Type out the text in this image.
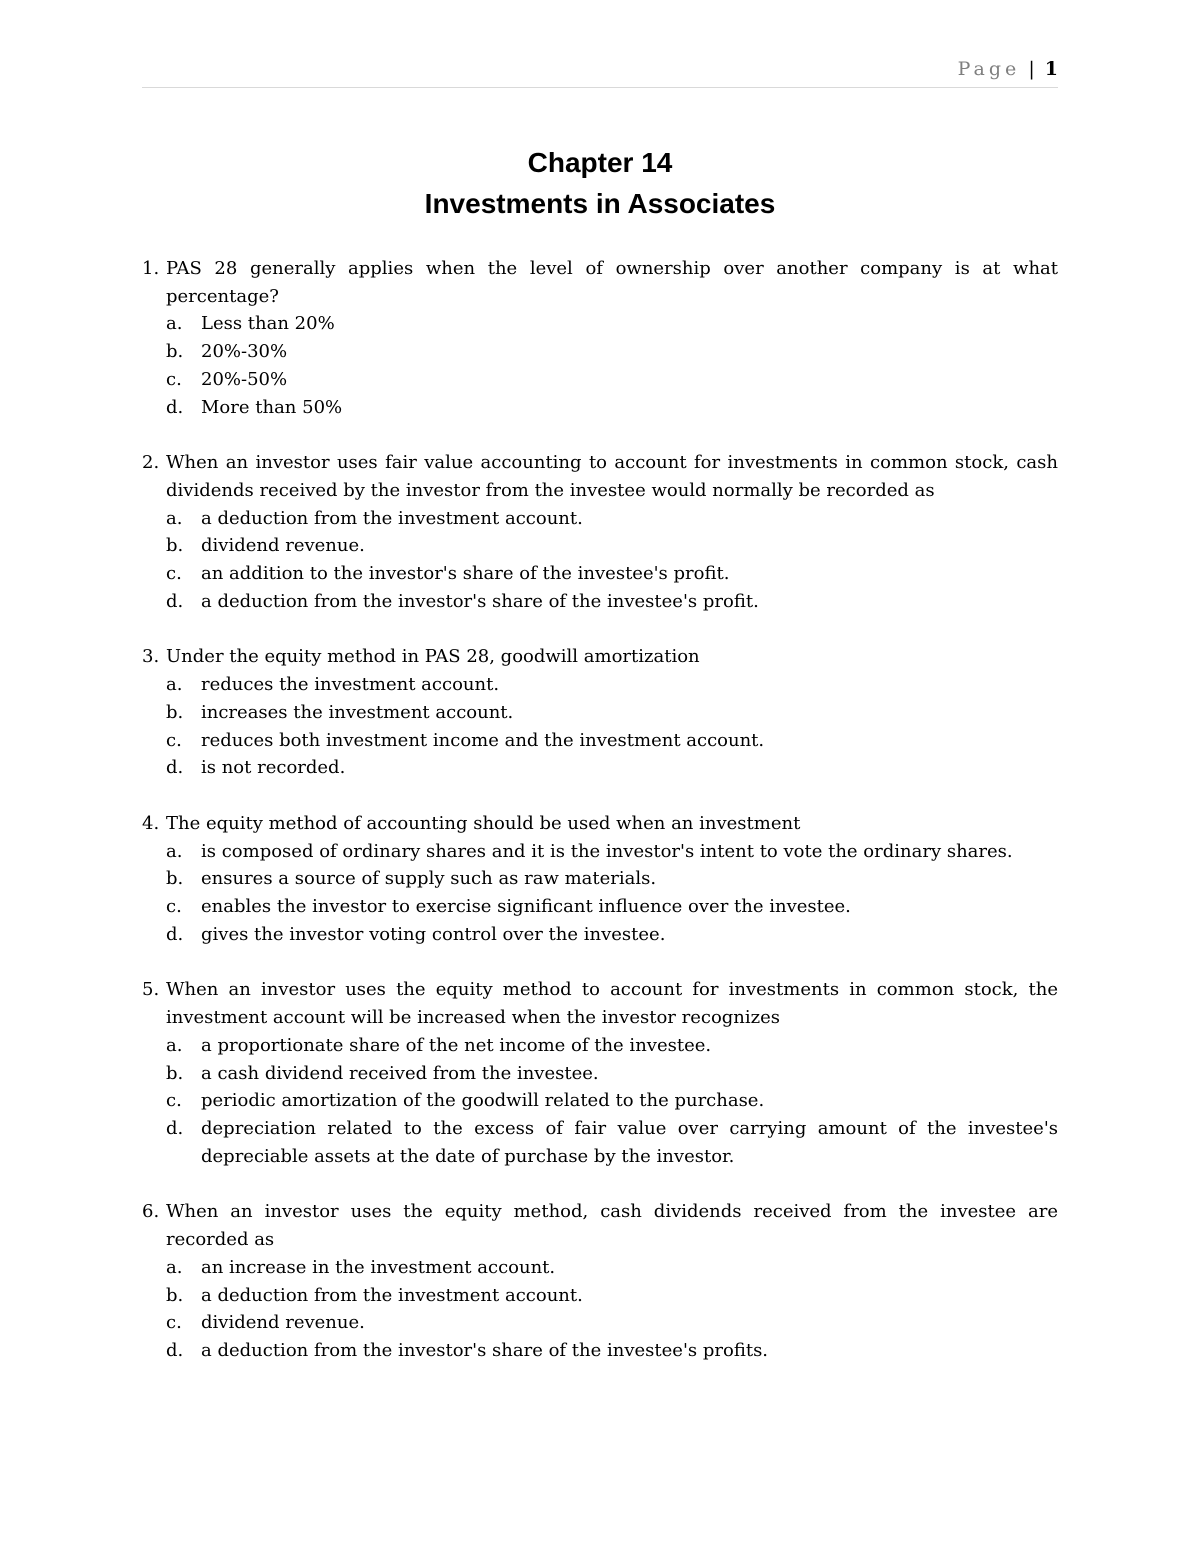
Page | 1
Chapter 14
Investments in Associates
1. PAS 28 generally applies when the level of ownership over another company is at what percentage?
a. Less than 20%
b. 20%-30%
c. 20%-50%
d. More than 50%
2. When an investor uses fair value accounting to account for investments in common stock, cash dividends received by the investor from the investee would normally be recorded as
a. a deduction from the investment account.
b. dividend revenue.
c. an addition to the investor's share of the investee's profit.
d. a deduction from the investor's share of the investee's profit.
3. Under the equity method in PAS 28, goodwill amortization
a. reduces the investment account.
b. increases the investment account.
c. reduces both investment income and the investment account.
d. is not recorded.
4. The equity method of accounting should be used when an investment
a. is composed of ordinary shares and it is the investor's intent to vote the ordinary shares.
b. ensures a source of supply such as raw materials.
c. enables the investor to exercise significant influence over the investee.
d. gives the investor voting control over the investee.
5. When an investor uses the equity method to account for investments in common stock, the investment account will be increased when the investor recognizes
a. a proportionate share of the net income of the investee.
b. a cash dividend received from the investee.
c. periodic amortization of the goodwill related to the purchase.
d. depreciation related to the excess of fair value over carrying amount of the investee's depreciable assets at the date of purchase by the investor.
6. When an investor uses the equity method, cash dividends received from the investee are recorded as
a. an increase in the investment account.
b. a deduction from the investment account.
c. dividend revenue.
d. a deduction from the investor's share of the investee's profits.
